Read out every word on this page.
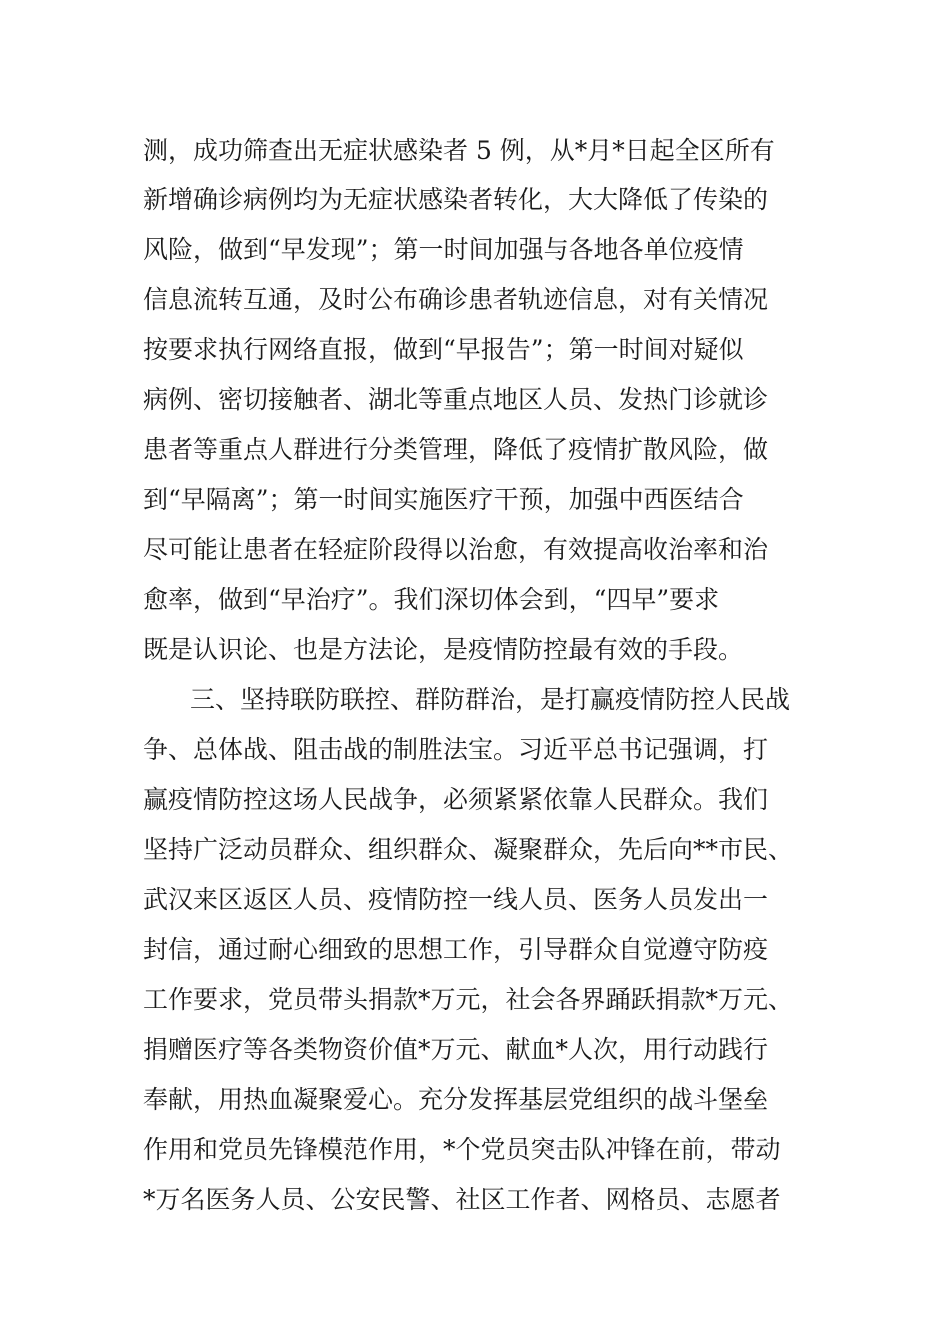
测，成功筛查出无症状感染者 5 例，从*月*日起全区所有
新增确诊病例均为无症状感染者转化，大大降低了传染的
风险，做到“早发现”；第一时间加强与各地各单位疫情
信息流转互通，及时公布确诊患者轨迹信息，对有关情况
按要求执行网络直报，做到“早报告”；第一时间对疑似
病例、密切接触者、湖北等重点地区人员、发热门诊就诊
患者等重点人群进行分类管理，降低了疫情扩散风险，做
到“早隔离”；第一时间实施医疗干预，加强中西医结合
尽可能让患者在轻症阶段得以治愈，有效提高收治率和治
愈率，做到“早治疗”。我们深切体会到，“四早”要求
既是认识论、也是方法论，是疫情防控最有效的手段。
三、坚持联防联控、群防群治，是打赢疫情防控人民战
争、总体战、阻击战的制胜法宝。习近平总书记强调，打
赢疫情防控这场人民战争，必须紧紧依靠人民群众。我们
坚持广泛动员群众、组织群众、凝聚群众，先后向**市民、
武汉来区返区人员、疫情防控一线人员、医务人员发出一
封信，通过耐心细致的思想工作，引导群众自觉遵守防疫
工作要求，党员带头捐款*万元，社会各界踊跃捐款*万元、
捐赠医疗等各类物资价值*万元、献血*人次，用行动践行
奉献，用热血凝聚爱心。充分发挥基层党组织的战斗堡垒
作用和党员先锋模范作用，*个党员突击队冲锋在前，带动
*万名医务人员、公安民警、社区工作者、网格员、志愿者
